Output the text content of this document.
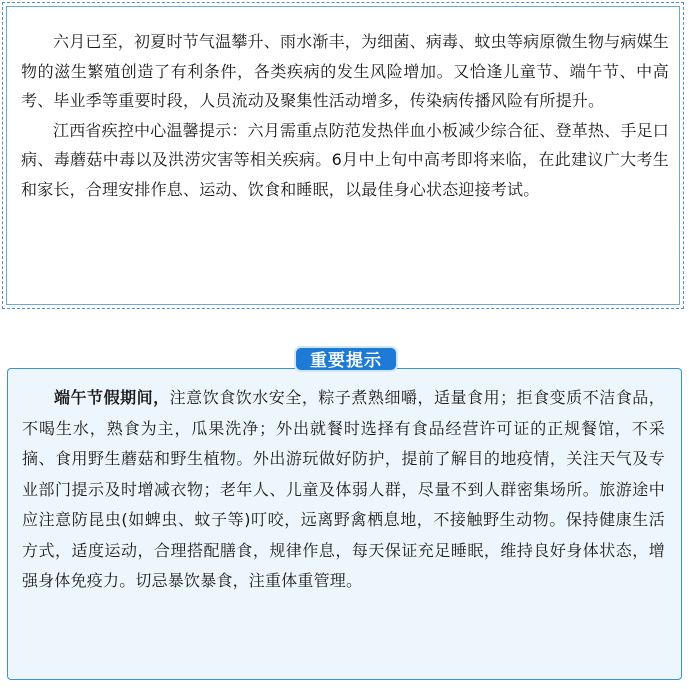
六月已至，初夏时节气温攀升、雨水渐丰，为细菌、病毒、蚊虫等病原微生物与病媒生物的滋生繁殖创造了有利条件，各类疾病的发生风险增加。又恰逢儿童节、端午节、中高考、毕业季等重要时段，人员流动及聚集性活动增多，传染病传播风险有所提升。

江西省疾控中心温馨提示：六月需重点防范发热伴血小板减少综合征、登革热、手足口病、毒蘑菇中毒以及洪涝灾害等相关疾病。6月中上旬中高考即将来临，在此建议广大考生和家长，合理安排作息、运动、饮食和睡眠，以最佳身心状态迎接考试。

端午节假期间，注意饮食饮水安全，粽子煮熟细嚼，适量食用；拒食变质不洁食品，不喝生水，熟食为主，瓜果洗净；外出就餐时选择有食品经营许可证的正规餐馆，不采摘、食用野生蘑菇和野生植物。外出游玩做好防护，提前了解目的地疫情，关注天气及专业部门提示及时增减衣物；老年人、儿童及体弱人群，尽量不到人群密集场所。旅游途中应注意防昆虫(如蜱虫、蚊子等)叮咬，远离野禽栖息地，不接触野生动物。保持健康生活方式，适度运动，合理搭配膳食，规律作息，每天保证充足睡眠，维持良好身体状态，增强身体免疫力。切忌暴饮暴食，注重体重管理。

重要提示
